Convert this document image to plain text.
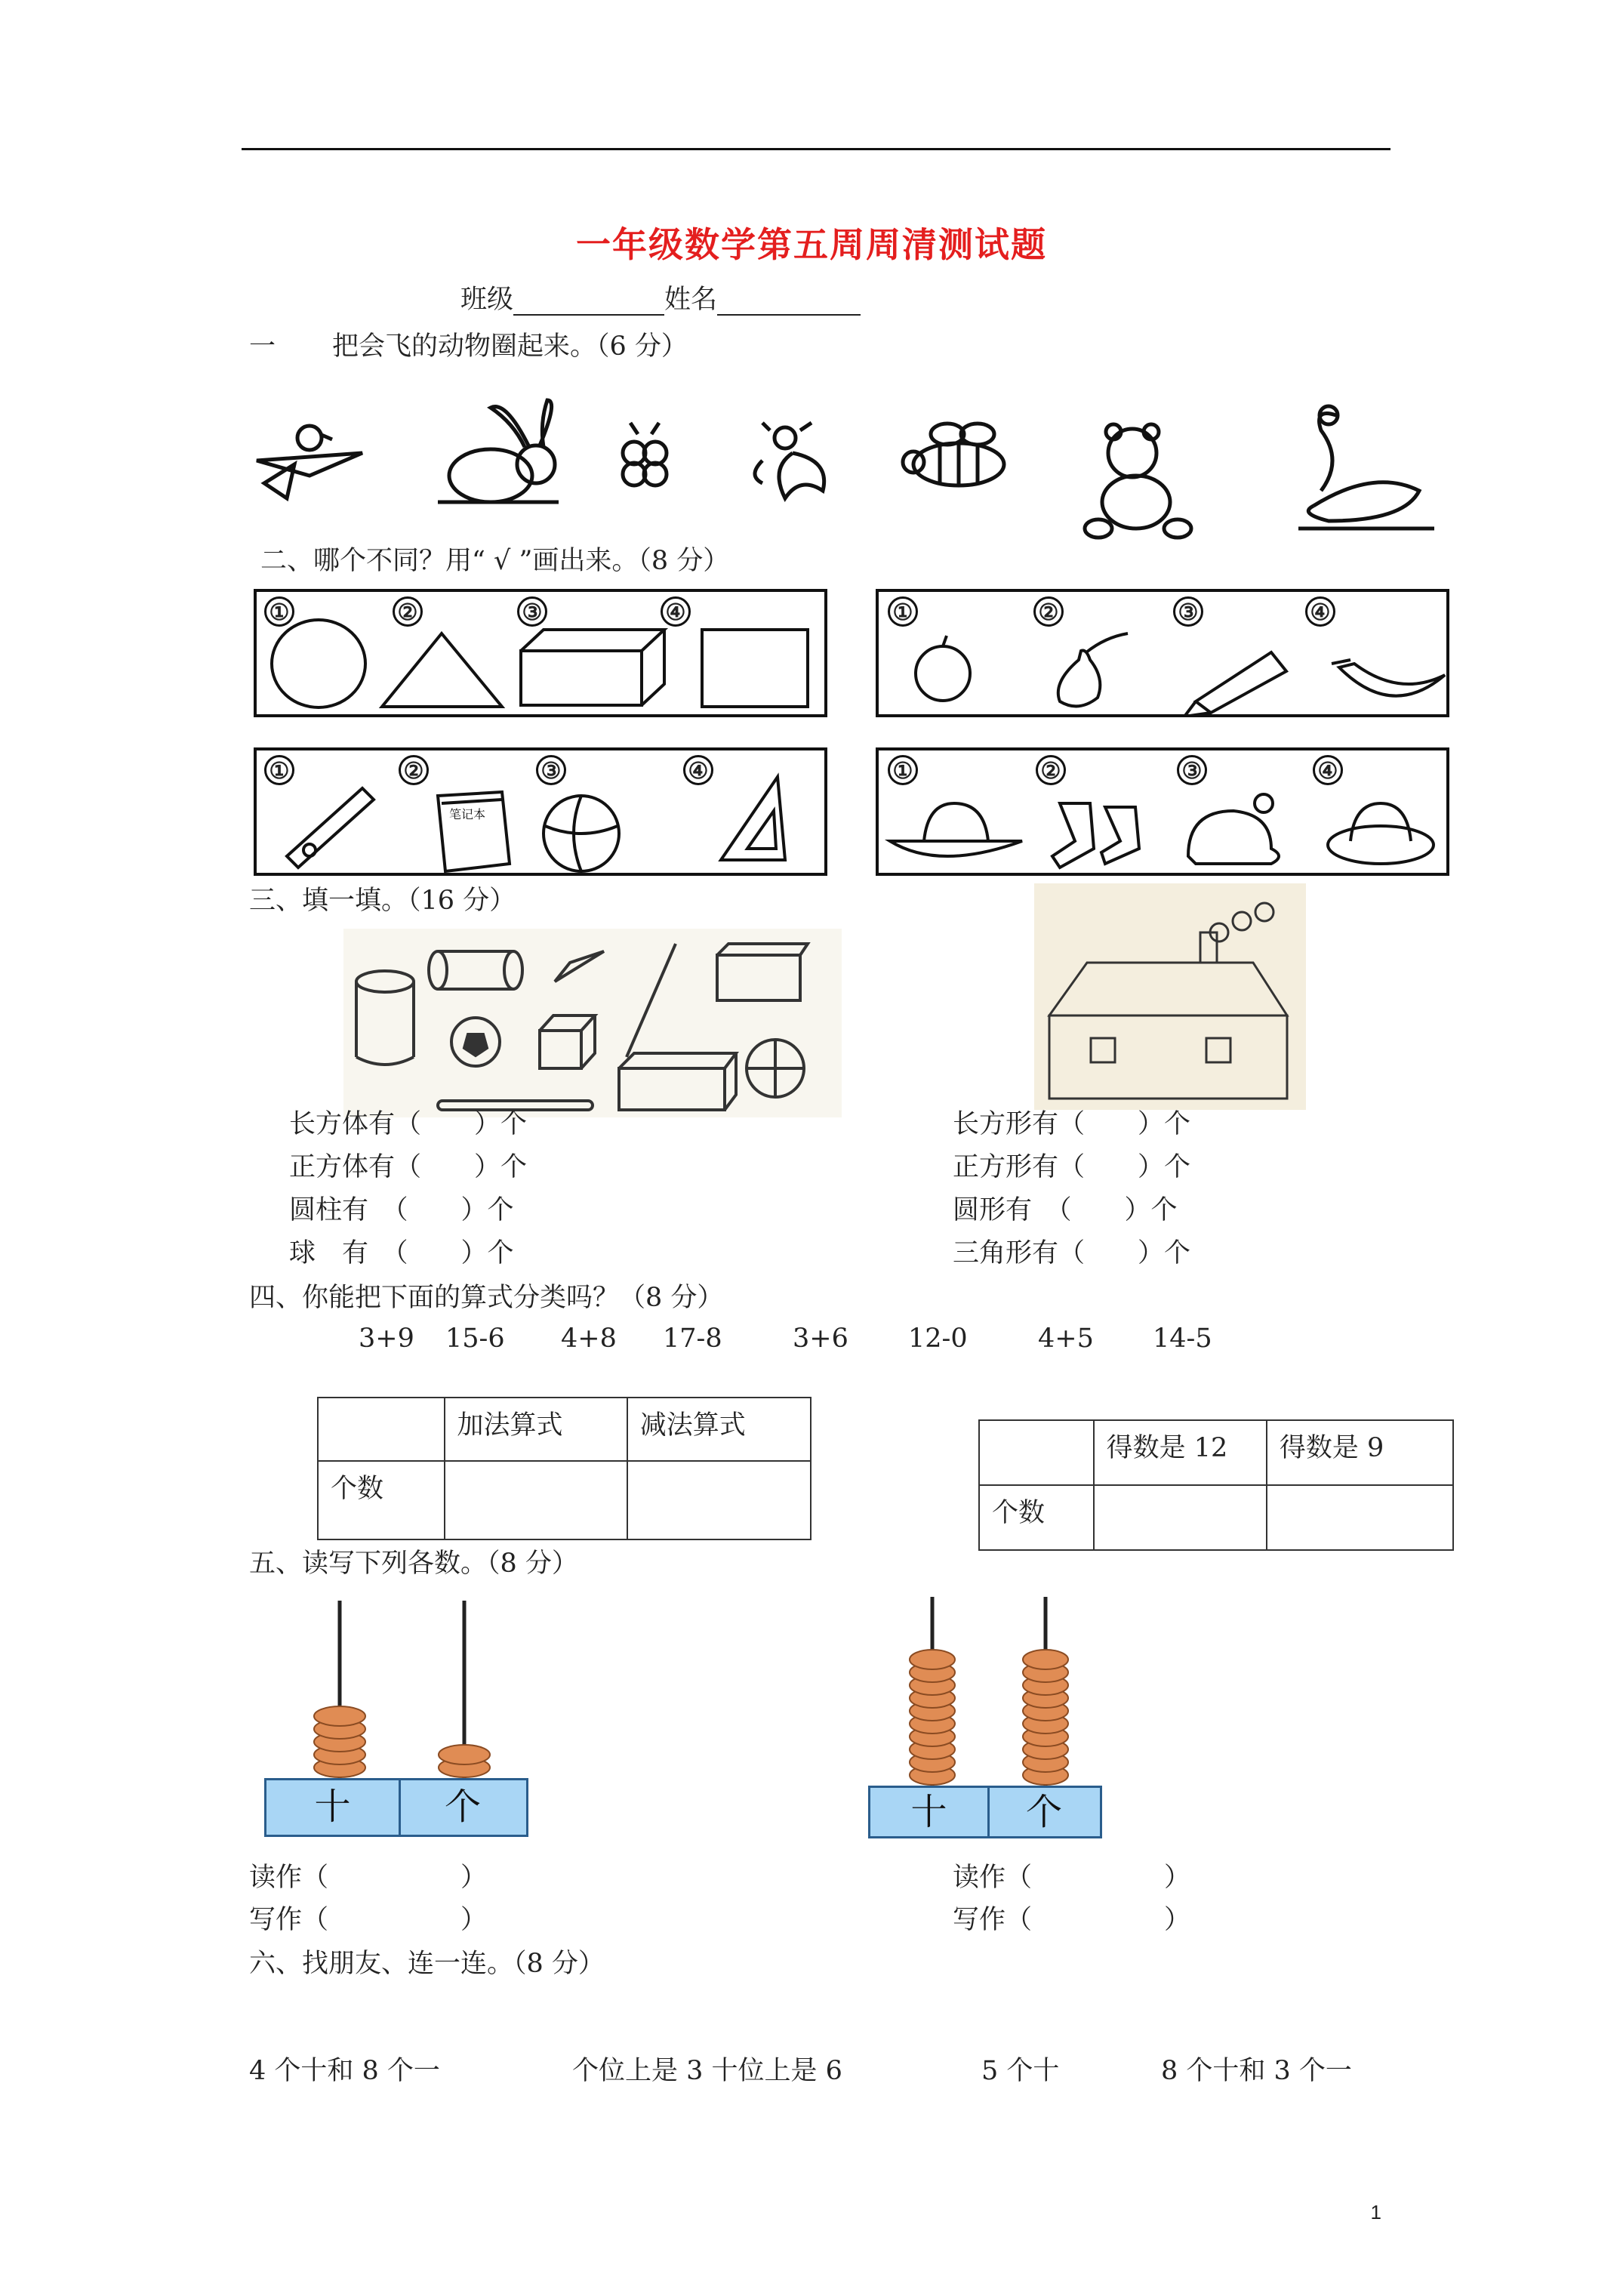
一年级数学第五周周清测试题
班级	姓名
一 把会飞的动物圈起来。（6 分）
二、哪个不同？用“ √ ”画出来。（8 分）
①	②	③	④	①	②	③	④
①	②	③	④
笔记本
①	②	③	④
三、填一填。（16 分）
长方体有（　　）个
正方体有（　　）个
圆柱有　（　　）个
球　有　（　　）个
长方形有（　　）个
正方形有（　　）个
圆形有　（　　）个
三角形有（　　）个
四、你能把下面的算式分类吗？（8 分）
3+9 15-6 4+8 17-8	3+6 12-0	4+5 14-5
	加法算式	减法算式
个数		
	得数是 12	得数是 9
个数		
五、读写下列各数。（8 分）
十	个	十	个
读作（　　　　　）
写作（　　　　　）
读作（　　　　　）
写作（　　　　　）
六、找朋友、连一连。（8 分）
4 个十和 8 个一	个位上是 3 十位上是 6	5 个十	8 个十和 3 个一
1
